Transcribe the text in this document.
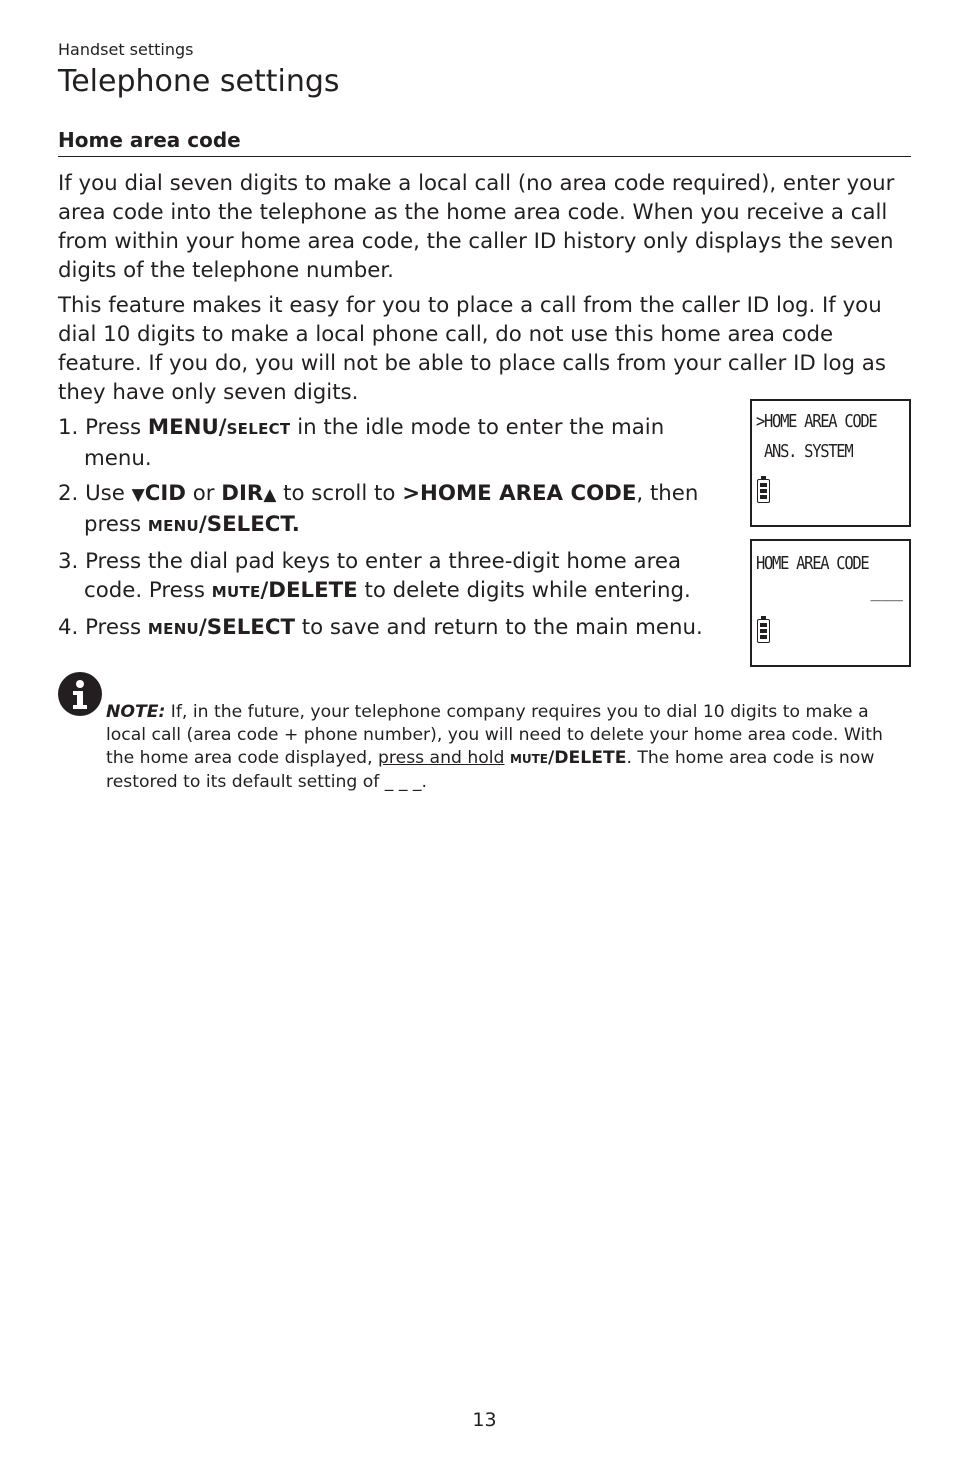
Handset settings
Telephone settings
Home area code

If you dial seven digits to make a local call (no area code required), enter your area code into the telephone as the home area code. When you receive a call from within your home area code, the caller ID history only displays the seven digits of the telephone number.

This feature makes it easy for you to place a call from the caller ID log. If you dial 10 digits to make a local phone call, do not use this home area code feature. If you do, you will not be able to place calls from your caller ID log as they have only seven digits.

1. Press MENU/SELECT in the idle mode to enter the main menu.
2. Use ▼CID or DIR▲ to scroll to >HOME AREA CODE, then press MENU/SELECT.
3. Press the dial pad keys to enter a three-digit home area code. Press MUTE/DELETE to delete digits while entering.
4. Press MENU/SELECT to save and return to the main menu.
>HOME AREA CODE
ANS. SYSTEM
HOME AREA CODE
___

NOTE: If, in the future, your telephone company requires you to dial 10 digits to make a local call (area code + phone number), you will need to delete your home area code. With the home area code displayed, press and hold MUTE/DELETE. The home area code is now restored to its default setting of _ _ _.

13
